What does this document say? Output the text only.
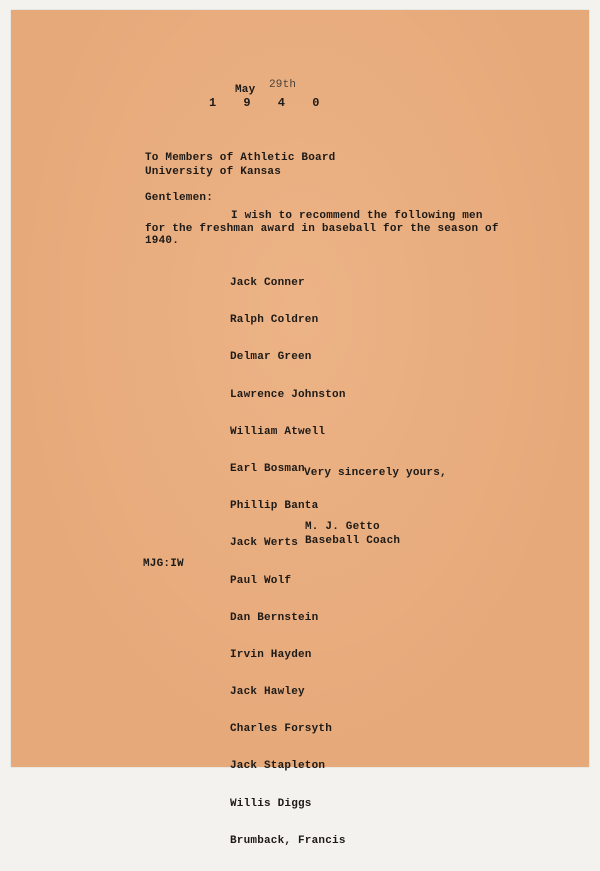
May 29th
1 9 4 0
To Members of Athletic Board
University of Kansas
Gentlemen:
I wish to recommend the following men
for the freshman award in baseball for the season of
1940.

Jack Conner

Ralph Coldren

Delmar Green

Lawrence Johnston

William Atwell

Earl Bosman

Phillip Banta

Jack Werts

Paul Wolf

Dan Bernstein

Irvin Hayden

Jack Hawley

Charles Forsyth

Jack Stapleton

Willis Diggs

Brumback, Francis

Very sincerely yours,
M. J. Getto
Baseball Coach
MJG:IW
